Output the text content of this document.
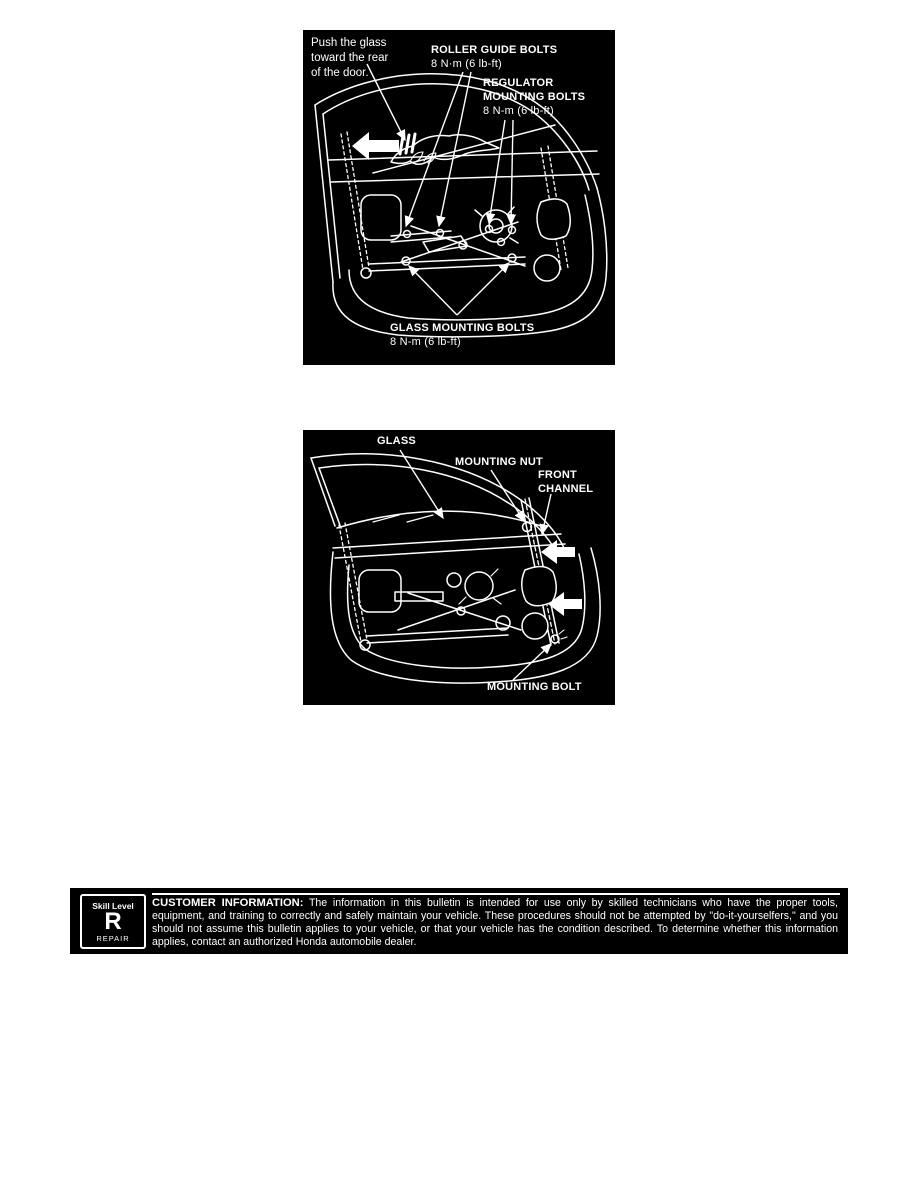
Push the glass
toward the rear
of the door.
ROLLER GUIDE BOLTS
8 N·m (6 lb-ft)
REGULATOR
MOUNTING BOLTS
8 N-m (6 lb-ft)
GLASS MOUNTING BOLTS
8 N-m (6 lb-ft)
GLASS
MOUNTING NUT
FRONT
CHANNEL
MOUNTING BOLT
Skill Level
R
REPAIR
CUSTOMER INFORMATION: The information in this bulletin is intended for use only by skilled technicians who have the proper tools, equipment, and training to correctly and safely maintain your vehicle. These procedures should not be attempted by "do-it-yourselfers," and you should not assume this bulletin applies to your vehicle, or that your vehicle has the condition described. To determine whether this information applies, contact an authorized Honda automobile dealer.
